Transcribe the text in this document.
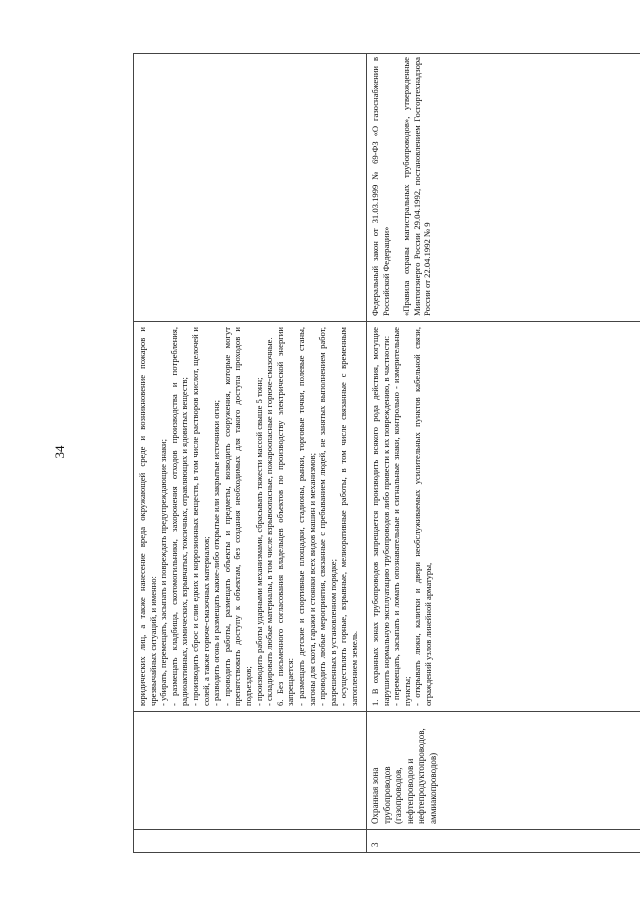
34	юридических лиц, а также нанесение вреда окружающей среде и возникновение пожаров и чрезвычайных ситуаций, и именно: - убирать, перемещать, засыпать и повреждать предупреждающие знаки; - размещать кладбища, скотомогильники, захоронения отходов производства и потребления, радиоактивных, химических, взрывчатых, токсичных, отравляющих и ядовитых веществ; - производить сброс и слив едких и коррозионных веществ, в том числе растворов кислот, щелочей и солей, а также горюче-смазочных материалов; - разводить огонь и размещать какие-либо открытые или закрытые источники огня; - проводить работы, размещать объекты и предметы, возводить сооружения, которые могут препятствовать доступу к объектам, без создания необходимых для такого доступа проходов и подъездов; - производить работы ударными механизмами, сбрасывать тяжести массой свыше 5 тонн; - складировать любые материалы, в том числе взрывоопасные, пожароопасные и горюче-смазочные. 6. Без письменного согласования владельцев объектов по производству электрической энергии запрещается: - размещать детские и спортивные площадки, стадионы, рынки, торговые точки, полевые станы, загоны для скота, гаражи и стоянки всех видов машин и механизмов; - проводить любые мероприятия, связанные с пребыванием людей, не занятых выполнением работ, разрешенных в установленном порядке; - осуществлять горные, взрывные, мелиоративные работы, в том числе связанные с временным затоплением земель.

3

Охранная зона трубопроводов (газопроводов, нефтепроводов и нефтепродуктопроводов, аммиакопроводов)

1. В охранных зонах трубопроводов запрещается производить всякого рода действия, могущие нарушить нормальную эксплуатацию трубопроводов либо привести к их повреждению, в частности: - перемещать, засыпать и ломать опознавательные и сигнальные знаки, контрольно - измерительные пункты; - открывать люки, калитки и двери необслуживаемых усилительных пунктов кабельной связи, ограждений узлов линейной арматуры,

Федеральный закон от 31.03.1999 № 69-ФЗ «О газоснабжении в Российской Федерации» «Правила охраны магистральных трубопроводов», утвержденные Минтопэнерго России 29.04.1992, постановлением Госгортехнадзора России от 22.04.1992 № 9
